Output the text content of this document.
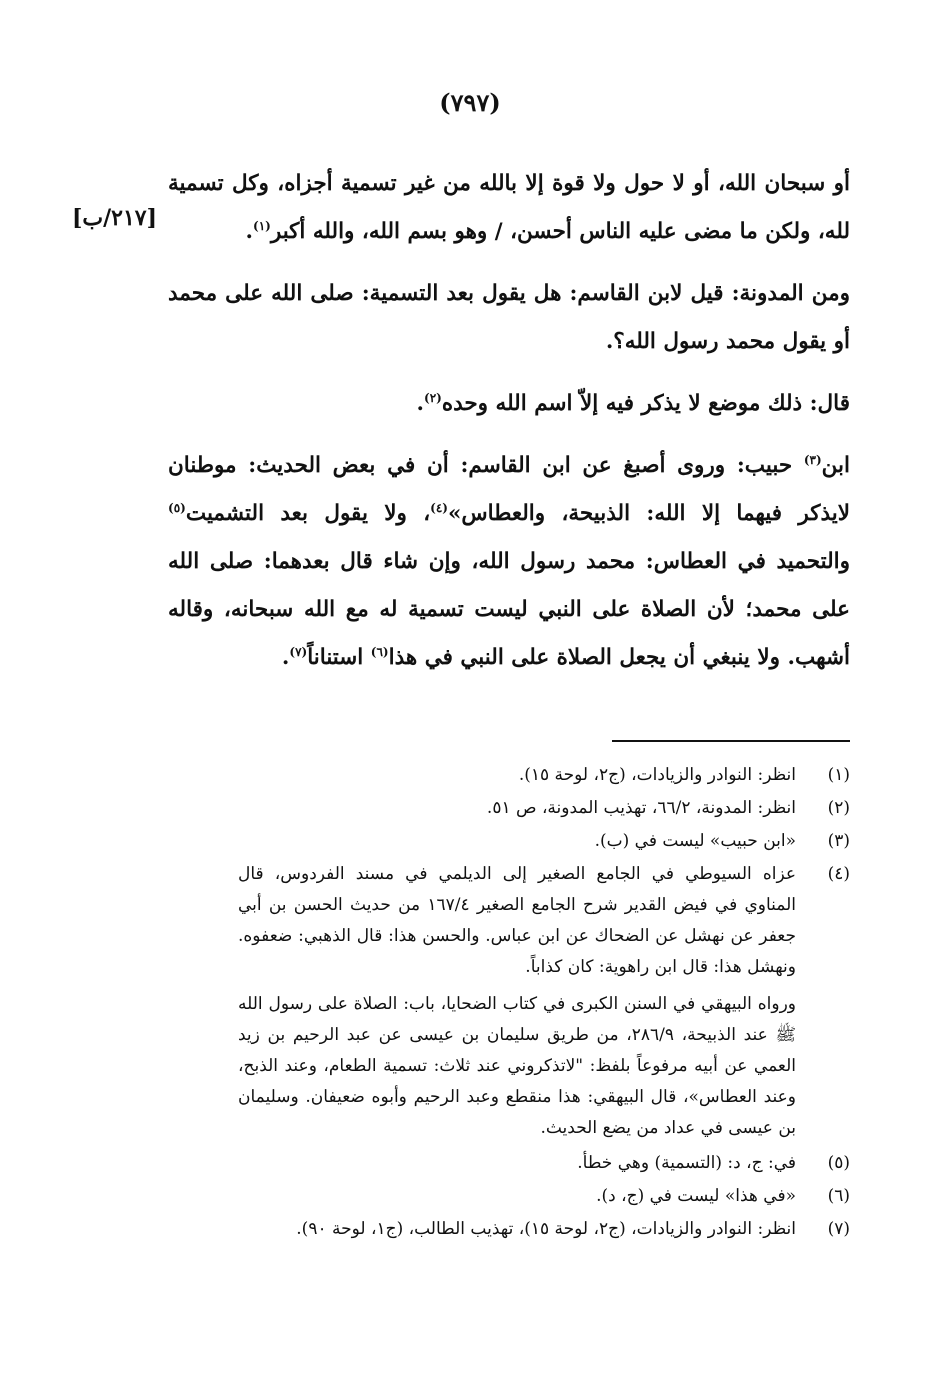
(٧٩٧)
[٢١٧/ب]

أو سبحان الله، أو لا حول ولا قوة إلا بالله من غير تسمية أجزاه، وكل تسمية لله، ولكن ما مضى عليه الناس أحسن، / وهو بسم الله، والله أكبر$^{(١)}$.

ومن المدونة: قيل لابن القاسم: هل يقول بعد التسمية: صلى الله على محمد أو يقول محمد رسول الله؟.

قال: ذلك موضع لا يذكر فيه إلاّ اسم الله وحده$^{(٢)}$.

ابن$^{(٣)}$ حبيب: وروى أصبغ عن ابن القاسم: أن في بعض الحديث: موطنان لايذكر فيهما إلا الله: الذبيحة، والعطاس»$^{(٤)}$، ولا يقول بعد التشميت$^{(٥)}$ والتحميد في العطاس: محمد رسول الله، وإن شاء قال بعدهما: صلى الله على محمد؛ لأن الصلاة على النبي ليست تسمية له مع الله سبحانه، وقاله أشهب. ولا ينبغي أن يجعل الصلاة على النبي في هذا$^{(٦)}$ استناناً$^{(٧)}$.

(١)
انظر: النوادر والزيادات، (ج٢، لوحة ١٥).
(٢)
انظر: المدونة، ٦٦/٢، تهذيب المدونة، ص ٥١.
(٣)
«ابن حبيب» ليست في (ب).
(٤)
عزاه السيوطي في الجامع الصغير إلى الديلمي في مسند الفردوس، قال المناوي في فيض القدير شرح الجامع الصغير ١٦٧/٤ من حديث الحسن بن أبي جعفر عن نهشل عن الضحاك عن ابن عباس. والحسن هذا: قال الذهبي: ضعفوه. ونهشل هذا: قال ابن راهوية: كان كذاباً.
ورواه البيهقي في السنن الكبرى في كتاب الضحايا، باب: الصلاة على رسول الله ﷺ عند الذبيحة، ٢٨٦/٩، من طريق سليمان بن عيسى عن عبد الرحيم بن زيد العمي عن أبيه مرفوعاً بلفظ: "لاتذكروني عند ثلاث: تسمية الطعام، وعند الذبح، وعند العطاس»، قال البيهقي: هذا منقطع وعبد الرحيم وأبوه ضعيفان. وسليمان بن عيسى في عداد من يضع الحديث.
(٥)
في: ج، د: (التسمية) وهي خطأ.
(٦)
«في هذا» ليست في (ج، د).
(٧)
انظر: النوادر والزيادات، (ج٢، لوحة ١٥)، تهذيب الطالب، (ج١، لوحة ٩٠).
